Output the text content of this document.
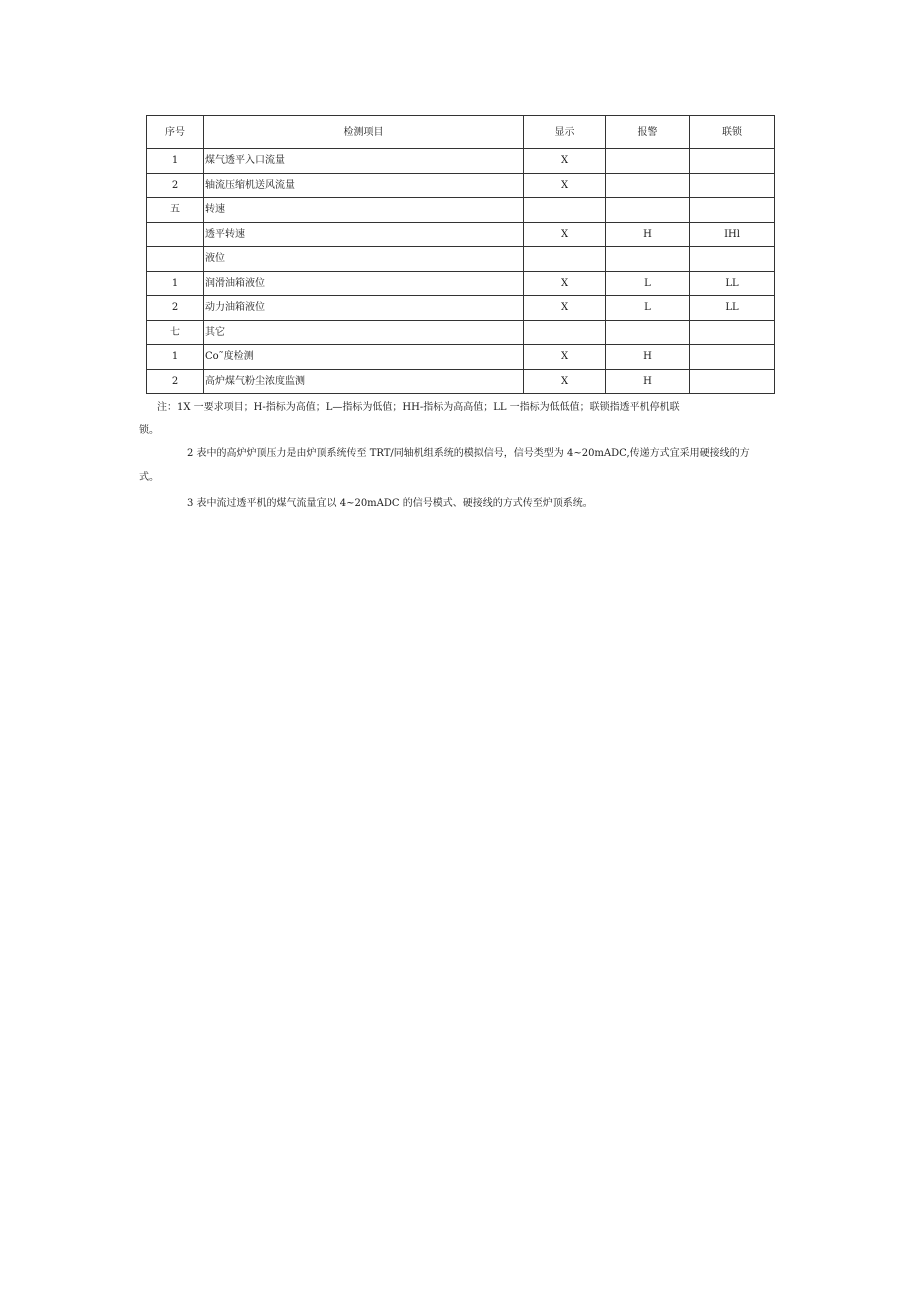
序号	检测项目	显示	报警	联锁
1	煤气透平入口流量	X		
2	轴流压缩机送风流量	X		
五	转速			
	透平转速	X	H	IHl
	液位			
1	润滑油箱液位	X	L	LL
2	动力油箱液位	X	L	LL
七	其它			
1	Co˜度检测	X	H	
2	高炉煤气粉尘浓度监测	X	H	
注：1X 一要求项目；H-指标为高值；L—指标为低值；HH-指标为高高值；LL 一指标为低低值；联锁指透平机停机联
锁。
2 表中的高炉炉顶压力是由炉顶系统传至 TRT/同轴机组系统的模拟信号，信号类型为 4~20mADC,传递方式宜采用硬接线的方
式。
3 表中流过透平机的煤气流量宜以 4~20mADC 的信号模式、硬接线的方式传至炉顶系统。
